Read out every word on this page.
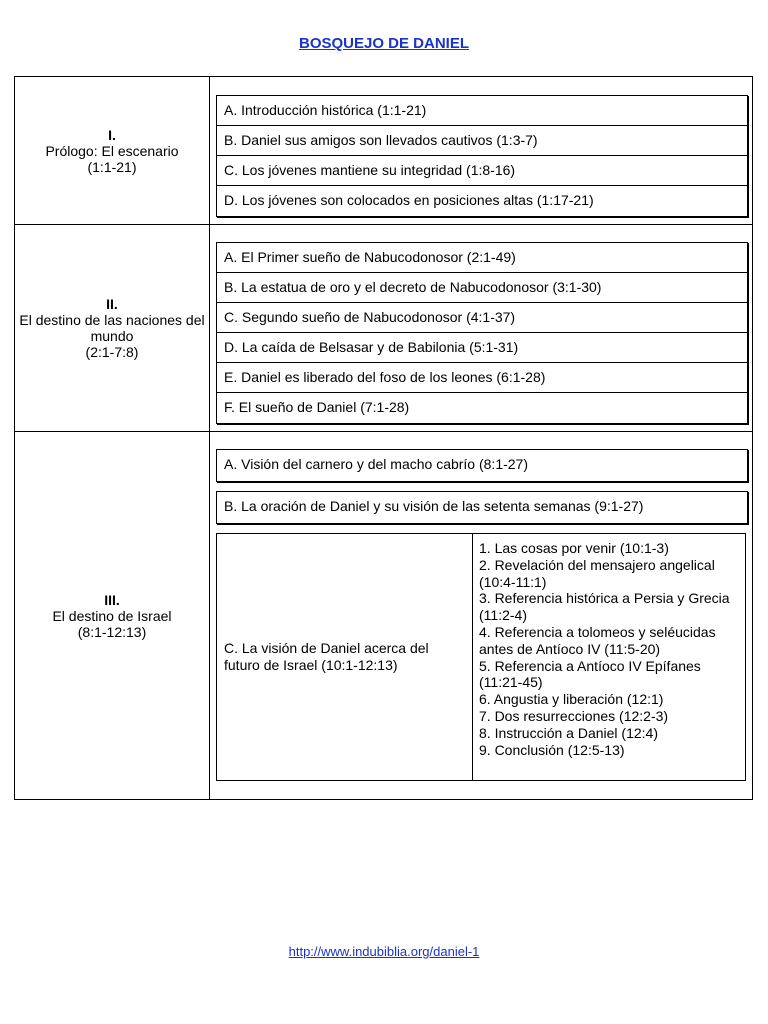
BOSQUEJO DE DANIEL
I.
Prólogo: El escenario
(1:1-21)
A. Introducción histórica (1:1-21)
B. Daniel sus amigos son llevados cautivos (1:3-7)
C. Los jóvenes mantiene su integridad (1:8-16)
D. Los jóvenes son colocados en posiciones altas (1:17-21)
II.
El destino de las naciones del mundo
(2:1-7:8)
A. El Primer sueño de Nabucodonosor (2:1-49)
B. La estatua de oro y el decreto de Nabucodonosor (3:1-30)
C. Segundo sueño de Nabucodonosor (4:1-37)
D. La caída de Belsasar y de Babilonia (5:1-31)
E. Daniel es liberado del foso de los leones (6:1-28)
F. El sueño de Daniel (7:1-28)
III.
El destino de Israel
(8:1-12:13)
A. Visión del carnero y del macho cabrío (8:1-27)
B. La oración de Daniel y su visión de las setenta semanas (9:1-27)
C. La visión de Daniel acerca del futuro de Israel (10:1-12:13)
1. Las cosas por venir (10:1-3)
2. Revelación del mensajero angelical (10:4-11:1)
3. Referencia histórica a Persia y Grecia (11:2-4)
4. Referencia a tolomeos y seléucidas antes de Antíoco IV (11:5-20)
5. Referencia a Antíoco IV Epífanes (11:21-45)
6. Angustia y liberación (12:1)
7. Dos resurrecciones (12:2-3)
8. Instrucción a Daniel (12:4)
9. Conclusión (12:5-13)
http://www.indubiblia.org/daniel-1
